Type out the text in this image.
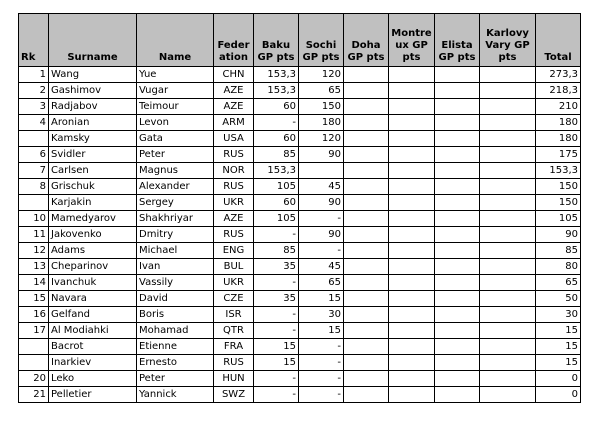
Rk	Surname	Name	Feder ation	Baku GP pts	Sochi GP pts	Doha GP pts	Montre ux GP pts	Elista GP pts	Karlovy Vary GP pts	Total
1	Wang	Yue	CHN	153,3	120					273,3
2	Gashimov	Vugar	AZE	153,3	65					218,3
3	Radjabov	Teimour	AZE	60	150					210
4	Aronian	Levon	ARM	-	180					180
	Kamsky	Gata	USA	60	120					180
6	Svidler	Peter	RUS	85	90					175
7	Carlsen	Magnus	NOR	153,3						153,3
8	Grischuk	Alexander	RUS	105	45					150
	Karjakin	Sergey	UKR	60	90					150
10	Mamedyarov	Shakhriyar	AZE	105	-					105
11	Jakovenko	Dmitry	RUS	-	90					90
12	Adams	Michael	ENG	85	-					85
13	Cheparinov	Ivan	BUL	35	45					80
14	Ivanchuk	Vassily	UKR	-	65					65
15	Navara	David	CZE	35	15					50
16	Gelfand	Boris	ISR	-	30					30
17	Al Modiahki	Mohamad	QTR	-	15					15
	Bacrot	Etienne	FRA	15	-					15
	Inarkiev	Ernesto	RUS	15	-					15
20	Leko	Peter	HUN	-	-					0
21	Pelletier	Yannick	SWZ	-	-					0
